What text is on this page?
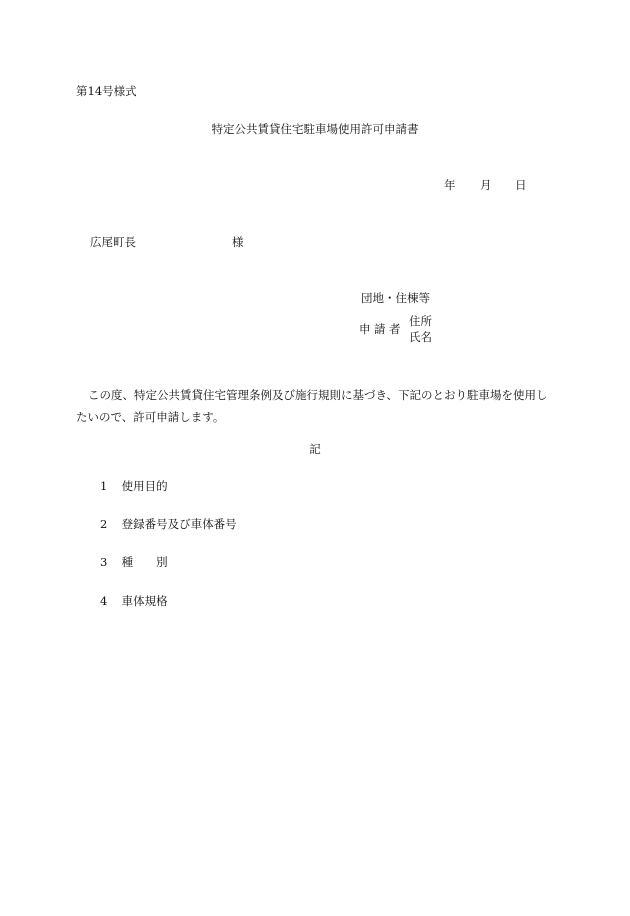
第14号様式
特定公共賃貸住宅駐車場使用許可申請書
年 月 日
広尾町長	様
団地・住棟等
申請者
住所
氏名
この度、特定公共賃貸住宅管理条例及び施行規則に基づき、下記のとおり駐車場を使用したいので、許可申請します。
記
1 使用目的
2 登録番号及び車体番号
3 種　　別
4 車体規格
